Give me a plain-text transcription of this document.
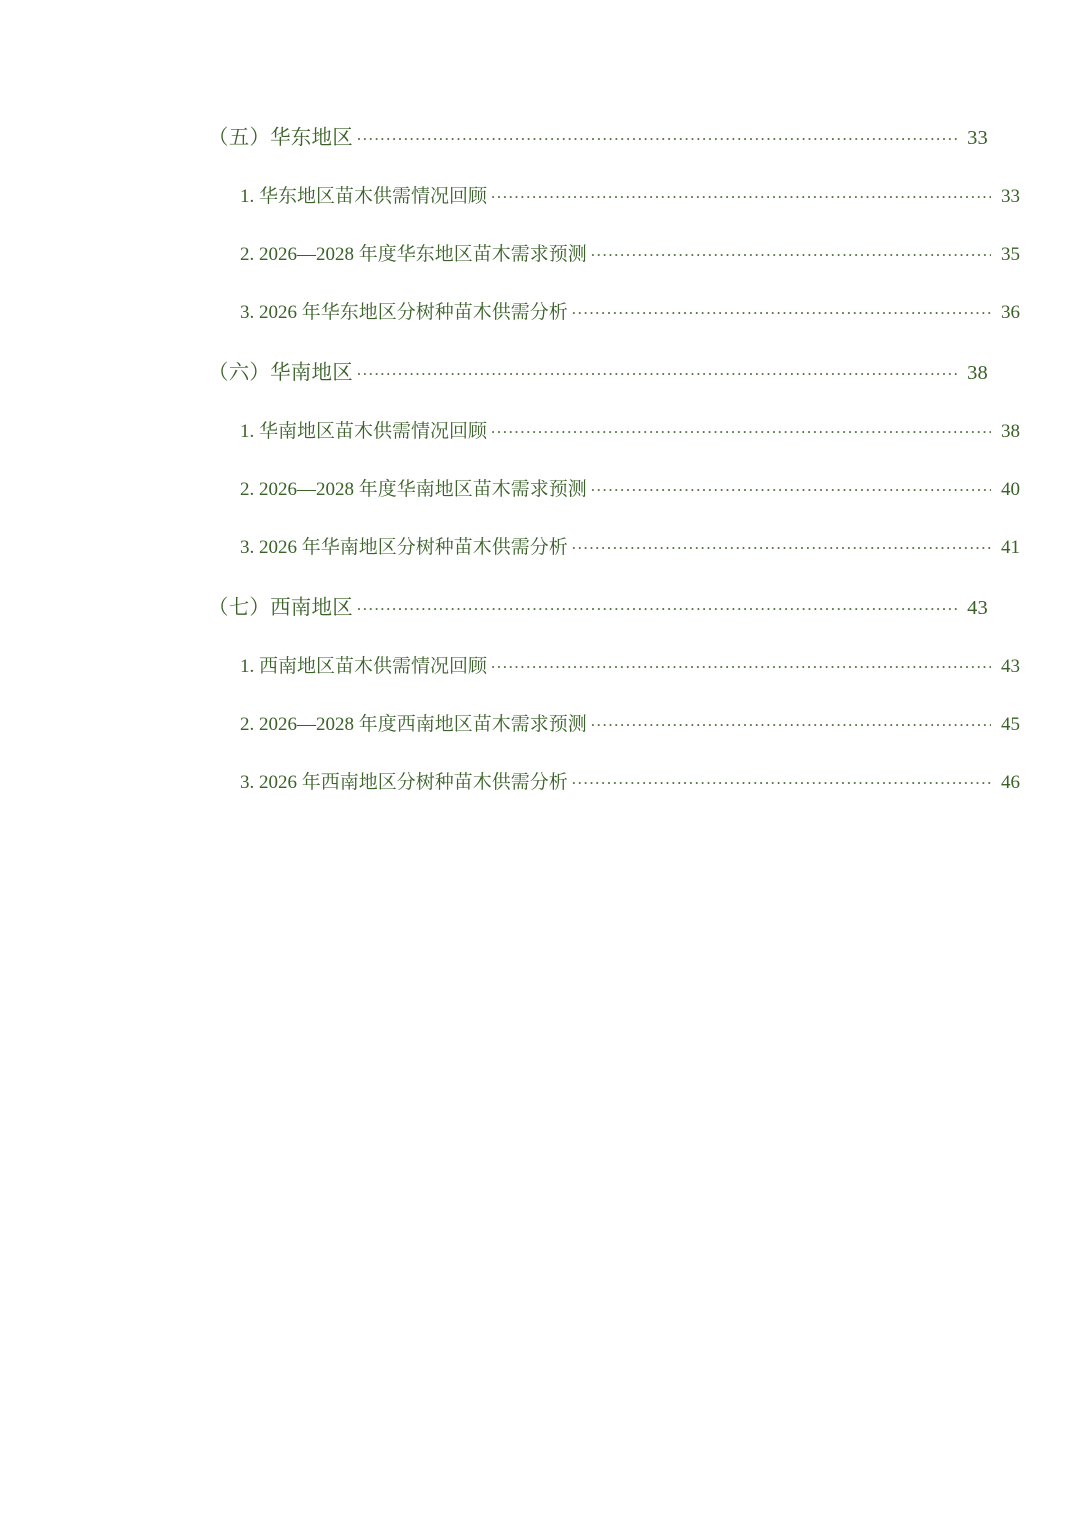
（五）华东地区 .....	33
1. 华东地区苗木供需情况回顾 .....	33
2. 2026—2028 年度华东地区苗木需求预测 .....	35
3. 2026 年华东地区分树种苗木供需分析 .....	36
（六）华南地区 .....	38
1. 华南地区苗木供需情况回顾 .....	38
2. 2026—2028 年度华南地区苗木需求预测 .....	40
3. 2026 年华南地区分树种苗木供需分析 .....	41
（七）西南地区 .....	43
1. 西南地区苗木供需情况回顾 .....	43
2. 2026—2028 年度西南地区苗木需求预测 .....	45
3. 2026 年西南地区分树种苗木供需分析 .....	46
